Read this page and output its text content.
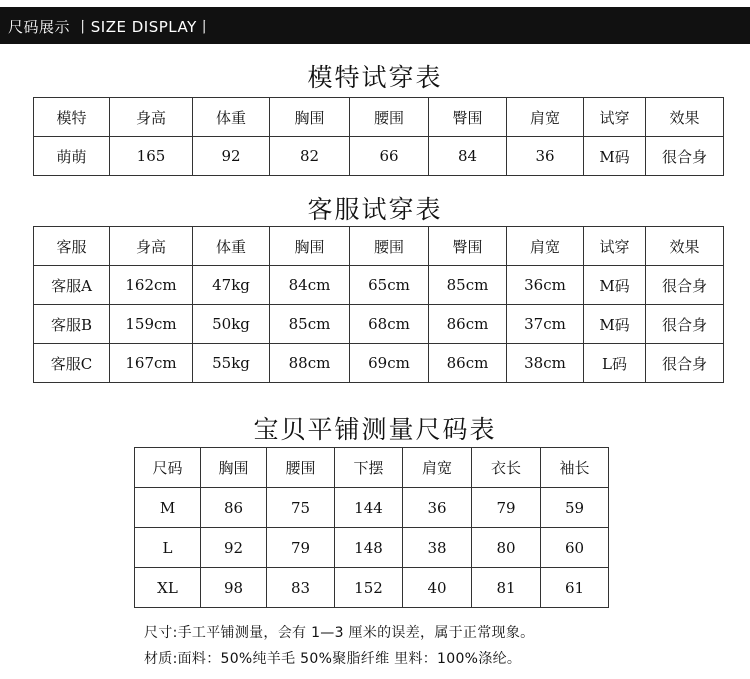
尺码展示 丨SIZE DISPLAY丨
模特试穿表
模特	身高	体重	胸围	腰围	臀围	肩宽	试穿	效果
萌萌	165	92	82	66	84	36	M码	很合身
客服试穿表
客服	身高	体重	胸围	腰围	臀围	肩宽	试穿	效果
客服A	162cm	47kg	84cm	65cm	85cm	36cm	M码	很合身
客服B	159cm	50kg	85cm	68cm	86cm	37cm	M码	很合身
客服C	167cm	55kg	88cm	69cm	86cm	38cm	L码	很合身
宝贝平铺测量尺码表
尺码	胸围	腰围	下摆	肩宽	衣长	袖长
M	86	75	144	36	79	59
L	92	79	148	38	80	60
XL	98	83	152	40	81	61
尺寸:手工平铺测量，会有 1—3 厘米的误差，属于正常现象。
材质:面料：50%纯羊毛 50%聚脂纤维 里料：100%涤纶。
